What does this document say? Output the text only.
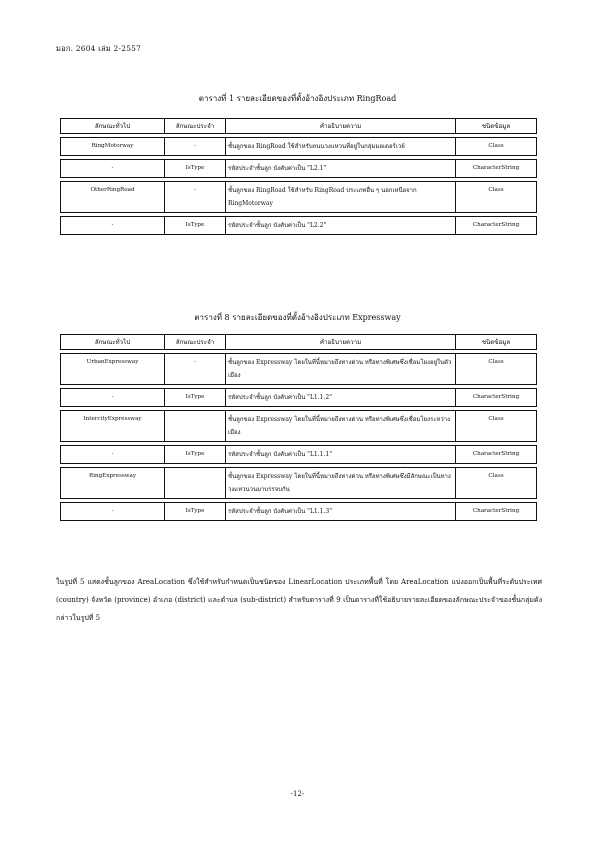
มอก. 2604 เล่ม 2-2557
ตารางที่ 1 รายละเอียดของที่ตั้งอ้างอิงประเภท RingRoad
ลักษณะทั่วไป	ลักษณะประจำ	คำอธิบายความ	ชนิดข้อมูล

RingMotorway	-	ชั้นลูกของ RingRoad ใช้สำหรับถนนวงแหวนที่อยู่ในกลุ่มมอเตอร์เวย์	Class

-	IsType	รหัสประจำชั้นลูก บังคับค่าเป็น "L2.1"	CharacterString

OtherRingRoad	-	ชั้นลูกของ RingRoad ใช้สำหรับ RingRoad ประเภทอื่น ๆ นอกเหนือจาก RingMotorway	Class

-	IsType	รหัสประจำชั้นลูก บังคับค่าเป็น "L2.2"	CharacterString
ตารางที่ 8 รายละเอียดของที่ตั้งอ้างอิงประเภท Expressway
ลักษณะทั่วไป	ลักษณะประจำ	คำอธิบายความ	ชนิดข้อมูล

UrbanExpressway	-	ชั้นลูกของ Expressway โดยในที่นี้หมายถึงทางด่วน หรือทางพิเศษซึ่งเชื่อมโยงอยู่ในตัวเมือง	Class

-	IsType	รหัสประจำชั้นลูก บังคับค่าเป็น "L1.1.2"	CharacterString

IntercityExpressway		ชั้นลูกของ Expressway โดยในที่นี้หมายถึงทางด่วน หรือทางพิเศษซึ่งเชื่อมโยงระหว่างเมือง	Class

-	IsType	รหัสประจำชั้นลูก บังคับค่าเป็น "L1.1.1"	CharacterString

RingExpressway		ชั้นลูกของ Expressway โดยในที่นี้หมายถึงทางด่วน หรือทางพิเศษซึ่งมีลักษณะเป็นทางวงแหวนวนมาบรรจบกัน	Class

-	IsType	รหัสประจำชั้นลูก บังคับค่าเป็น "L1.1.3"	CharacterString
ในรูปที่ 5 แสดงชั้นลูกของ AreaLocation ซึ่งใช้สำหรับกำหนดเป็นชนิดของ LinearLocation ประเภทพื้นที่ โดย AreaLocation แบ่งออกเป็นพื้นที่ระดับประเทศ (country) จังหวัด (province) อำเภอ (district) และตำบล (sub-district) สำหรับตารางที่ 9 เป็นตารางที่ใช้อธิบายรายละเอียดของลักษณะประจำของชั้นกลุ่มดังกล่าวในรูปที่ 5
-12-
